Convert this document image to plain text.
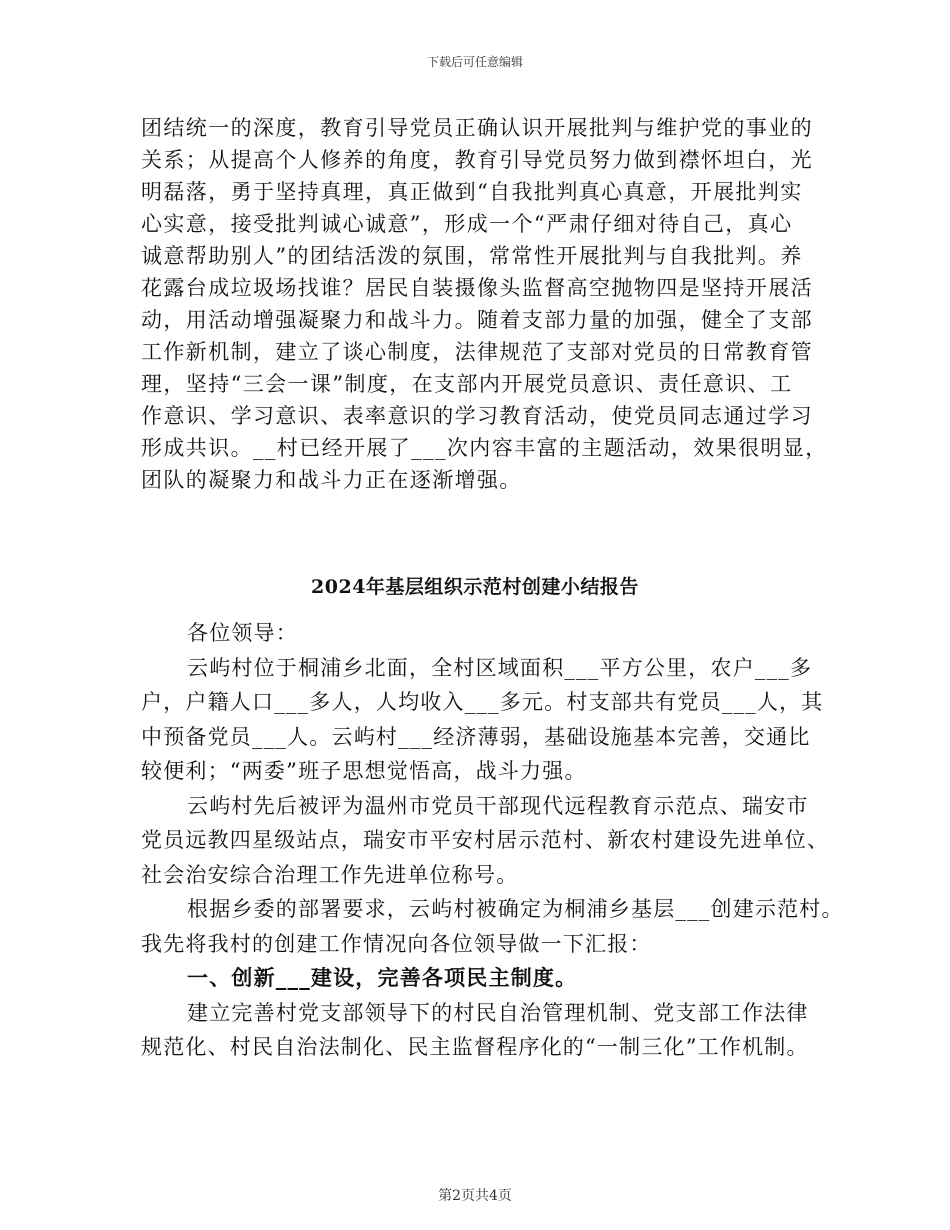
下载后可任意编辑
团结统一的深度，教育引导党员正确认识开展批判与维护党的事业的
关系；从提高个人修养的角度，教育引导党员努力做到襟怀坦白，光
明磊落，勇于坚持真理，真正做到“自我批判真心真意，开展批判实
心实意，接受批判诚心诚意”，形成一个“严肃仔细对待自己，真心
诚意帮助别人”的团结活泼的氛围，常常性开展批判与自我批判。养
花露台成垃圾场找谁？居民自装摄像头监督高空抛物四是坚持开展活
动，用活动增强凝聚力和战斗力。随着支部力量的加强，健全了支部
工作新机制，建立了谈心制度，法律规范了支部对党员的日常教育管
理，坚持“三会一课”制度，在支部内开展党员意识、责任意识、工
作意识、学习意识、表率意识的学习教育活动，使党员同志通过学习
形成共识。__村已经开展了___次内容丰富的主题活动，效果很明显，
团队的凝聚力和战斗力正在逐渐增强。
2024年基层组织示范村创建小结报告
各位领导：
云屿村位于桐浦乡北面，全村区域面积___平方公里，农户___多
户，户籍人口___多人，人均收入___多元。村支部共有党员___人，其
中预备党员___人。云屿村___经济薄弱，基础设施基本完善，交通比
较便利；“两委”班子思想觉悟高，战斗力强。
云屿村先后被评为温州市党员干部现代远程教育示范点、瑞安市
党员远教四星级站点，瑞安市平安村居示范村、新农村建设先进单位、
社会治安综合治理工作先进单位称号。
根据乡委的部署要求，云屿村被确定为桐浦乡基层___创建示范村。
我先将我村的创建工作情况向各位领导做一下汇报：
一、创新___建设，完善各项民主制度。
建立完善村党支部领导下的村民自治管理机制、党支部工作法律
规范化、村民自治法制化、民主监督程序化的“一制三化”工作机制。
第2页共4页
